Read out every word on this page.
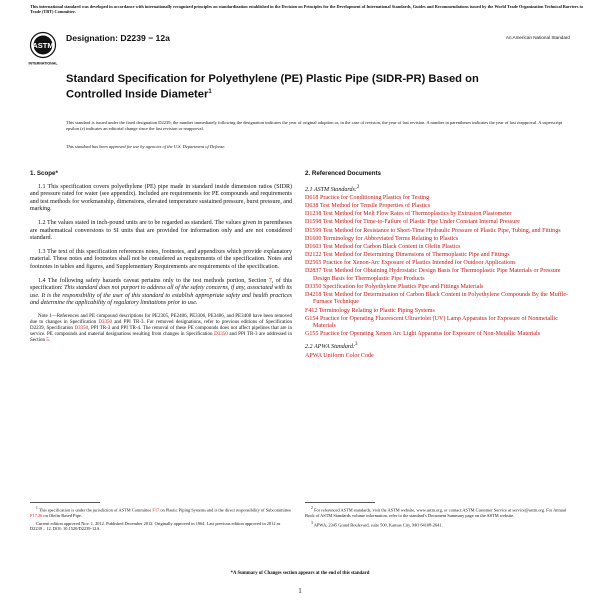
This international standard was developed in accordance with internationally recognized principles on standardization established in the Decision on Principles for the Development of International Standards, Guides and Recommendations issued by the World Trade Organization Technical Barriers to Trade (TBT) Committee.
ASTM
INTERNATIONAL
Designation: D2239 − 12a	An American National Standard
Standard Specification for Polyethylene (PE) Plastic Pipe (SIDR-PR) Based on Controlled Inside Diameter$^1$
This standard is issued under the fixed designation D2239; the number immediately following the designation indicates the year of original adoption or, in the case of revision, the year of last revision. A number in parentheses indicates the year of last reapproval. A superscript epsilon (ε) indicates an editorial change since the last revision or reapproval.
This standard has been approved for use by agencies of the U.S. Department of Defense.
1. Scope*

1.1 This specification covers polyethylene (PE) pipe made in standard inside dimension ratios (SIDR) and pressure rated for water (see appendix). Included are requirements for PE compounds and requirements and test methods for workmanship, dimensions, elevated temperature sustained pressure, burst pressure, and marking.

1.2 The values stated in inch-pound units are to be regarded as standard. The values given in parentheses are mathematical conversions to SI units that are provided for information only and are not considered standard.

1.3 The text of this specification references notes, footnotes, and appendixes which provide explanatory material. These notes and footnotes shall not be considered as requirements of the specification. Notes and footnotes in tables and figures, and Supplementary Requirements are requirements of the specification.

1.4 The following safety hazards caveat pertains only to the test methods portion, Section 7, of this specification: This standard does not purport to address all of the safety concerns, if any, associated with its use. It is the responsibility of the user of this standard to establish appropriate safety and health practices and determine the applicability of regulatory limitations prior to use.

Note 1—References and PE compound descriptions for PE2305, PE2406, PE3306, PE3406, and PE3408 have been removed due to changes in Specification D3350 and PPI TR-3. For removed designations, refer to previous editions of Specification D2239, Specification D3350, PPI TR-3 and PPI TR-4. The removal of these PE compounds does not affect pipelines that are in service. PE compounds and material designations resulting from changes in Specification D3350 and PPI TR-3 are addressed in Section 5.

2. Referenced Documents

2.1 ASTM Standards:$^2$

D618 Practice for Conditioning Plastics for Testing
D638 Test Method for Tensile Properties of Plastics
D1238 Test Method for Melt Flow Rates of Thermoplastics by Extrusion Plastometer
D1598 Test Method for Time-to-Failure of Plastic Pipe Under Constant Internal Pressure
D1599 Test Method for Resistance to Short-Time Hydraulic Pressure of Plastic Pipe, Tubing, and Fittings
D1600 Terminology for Abbreviated Terms Relating to Plastics
D1603 Test Method for Carbon Black Content in Olefin Plastics
D2122 Test Method for Determining Dimensions of Thermoplastic Pipe and Fittings
D2565 Practice for Xenon-Arc Exposure of Plastics Intended for Outdoor Applications
D2837 Test Method for Obtaining Hydrostatic Design Basis for Thermoplastic Pipe Materials or Pressure Design Basis for Thermoplastic Pipe Products
D3350 Specification for Polyethylene Plastics Pipe and Fittings Materials
D4218 Test Method for Determination of Carbon Black Content in Polyethylene Compounds By the Muffle-Furnace Technique
F412 Terminology Relating to Plastic Piping Systems
G154 Practice for Operating Fluorescent Ultraviolet (UV) Lamp Apparatus for Exposure of Nonmetallic Materials
G155 Practice for Operating Xenon Arc Light Apparatus for Exposure of Non-Metallic Materials

2.2 APWA Standard:$^3$

APWA Uniform Color Code

$^1$ This specification is under the jurisdiction of ASTM Committee F17 on Plastic Piping Systems and is the direct responsibility of Subcommittee F17.26 on Olefin Based Pipe.

Current edition approved Nov. 1, 2012. Published December 2012. Originally approved in 1964. Last previous edition approved in 2012 as D2239 – 12. DOI: 10.1520/D2239-12A.

$^2$ For referenced ASTM standards, visit the ASTM website, www.astm.org, or contact ASTM Customer Service at service@astm.org. For Annual Book of ASTM Standards volume information, refer to the standard's Document Summary page on the ASTM website.

$^3$ APWA, 2345 Grand Boulevard, suite 500, Kansas City, MO 64108-2641.

*A Summary of Changes section appears at the end of this standard
1
